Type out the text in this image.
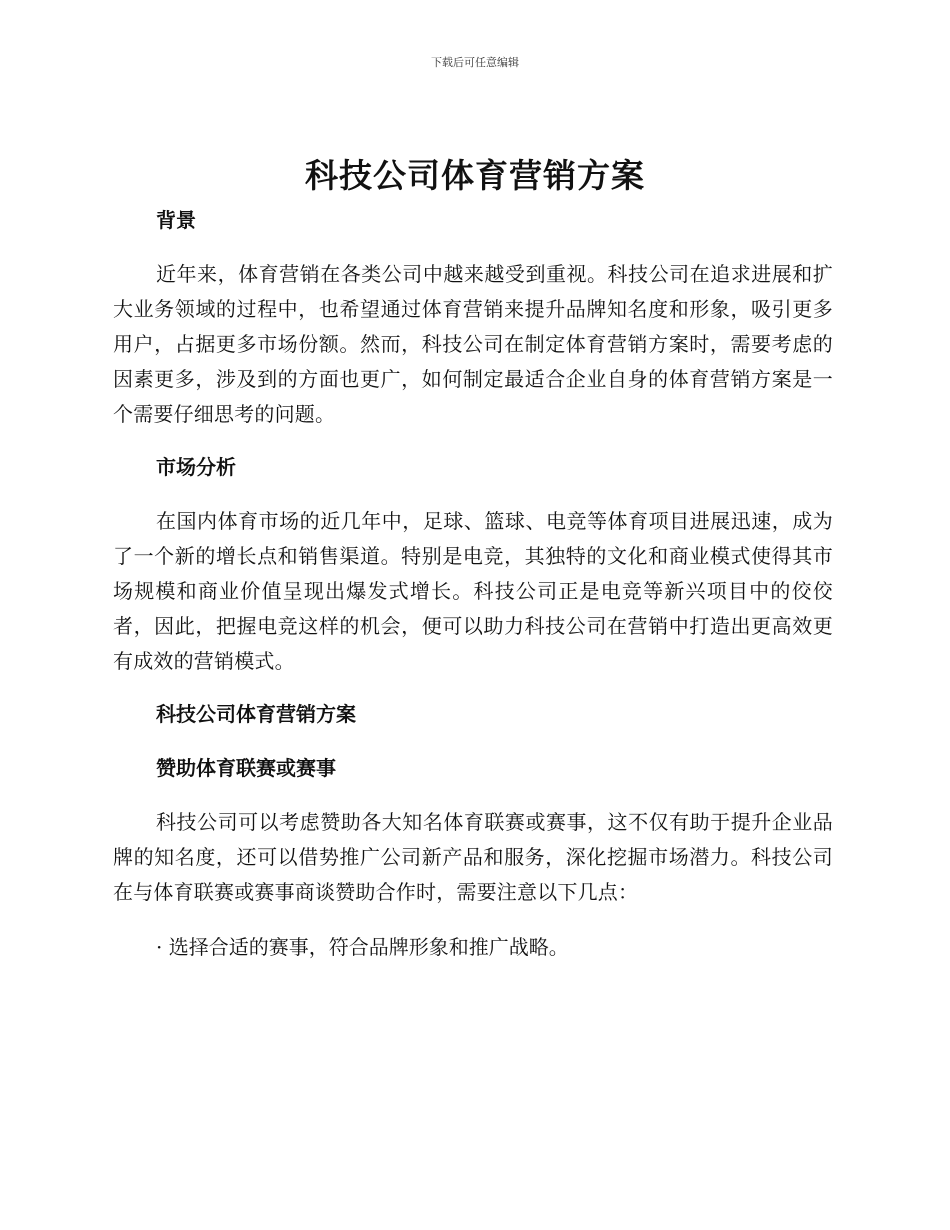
下载后可任意编辑
科技公司体育营销方案
背景

近年来，体育营销在各类公司中越来越受到重视。科技公司在追求进展和扩大业务领域的过程中，也希望通过体育营销来提升品牌知名度和形象，吸引更多用户，占据更多市场份额。然而，科技公司在制定体育营销方案时，需要考虑的因素更多，涉及到的方面也更广，如何制定最适合企业自身的体育营销方案是一个需要仔细思考的问题。

市场分析

在国内体育市场的近几年中，足球、篮球、电竞等体育项目进展迅速，成为了一个新的增长点和销售渠道。特别是电竞，其独特的文化和商业模式使得其市场规模和商业价值呈现出爆发式增长。科技公司正是电竞等新兴项目中的佼佼者，因此，把握电竞这样的机会，便可以助力科技公司在营销中打造出更高效更有成效的营销模式。

科技公司体育营销方案
赞助体育联赛或赛事

科技公司可以考虑赞助各大知名体育联赛或赛事，这不仅有助于提升企业品牌的知名度，还可以借势推广公司新产品和服务，深化挖掘市场潜力。科技公司在与体育联赛或赛事商谈赞助合作时，需要注意以下几点：

· 选择合适的赛事，符合品牌形象和推广战略。
